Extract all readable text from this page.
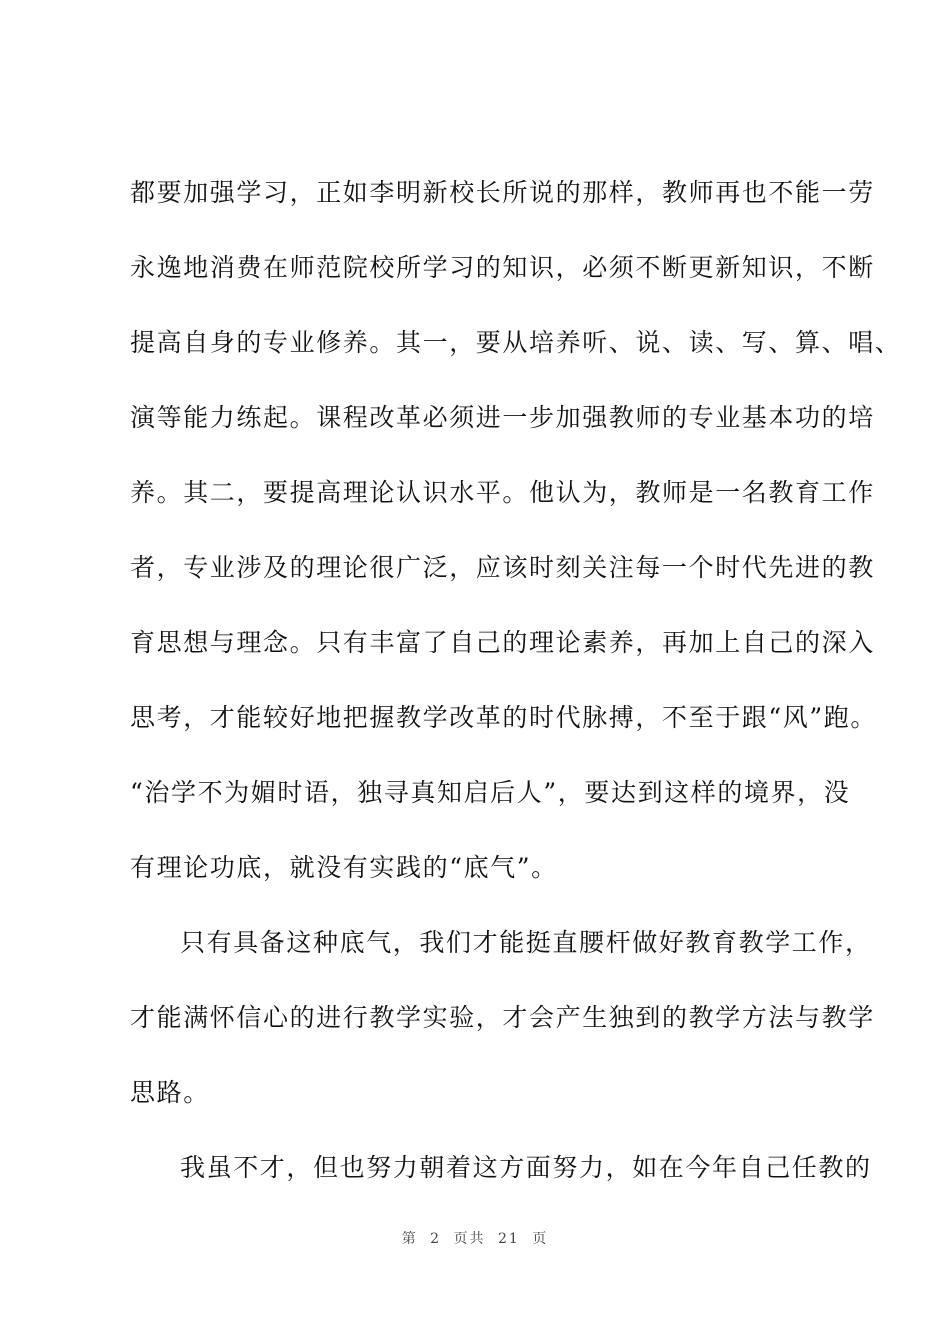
都要加强学习，正如李明新校长所说的那样，教师再也不能一劳
永逸地消费在师范院校所学习的知识，必须不断更新知识，不断
提高自身的专业修养。其一，要从培养听、说、读、写、算、唱、
演等能力练起。课程改革必须进一步加强教师的专业基本功的培
养。其二，要提高理论认识水平。他认为，教师是一名教育工作
者，专业涉及的理论很广泛，应该时刻关注每一个时代先进的教
育思想与理念。只有丰富了自己的理论素养，再加上自己的深入
思考，才能较好地把握教学改革的时代脉搏，不至于跟“风”跑。
“治学不为媚时语，独寻真知启后人”，要达到这样的境界，没
有理论功底，就没有实践的“底气”。
只有具备这种底气，我们才能挺直腰杆做好教育教学工作，
才能满怀信心的进行教学实验，才会产生独到的教学方法与教学
思路。
我虽不才，但也努力朝着这方面努力，如在今年自己任教的
第 2 页共 21 页
